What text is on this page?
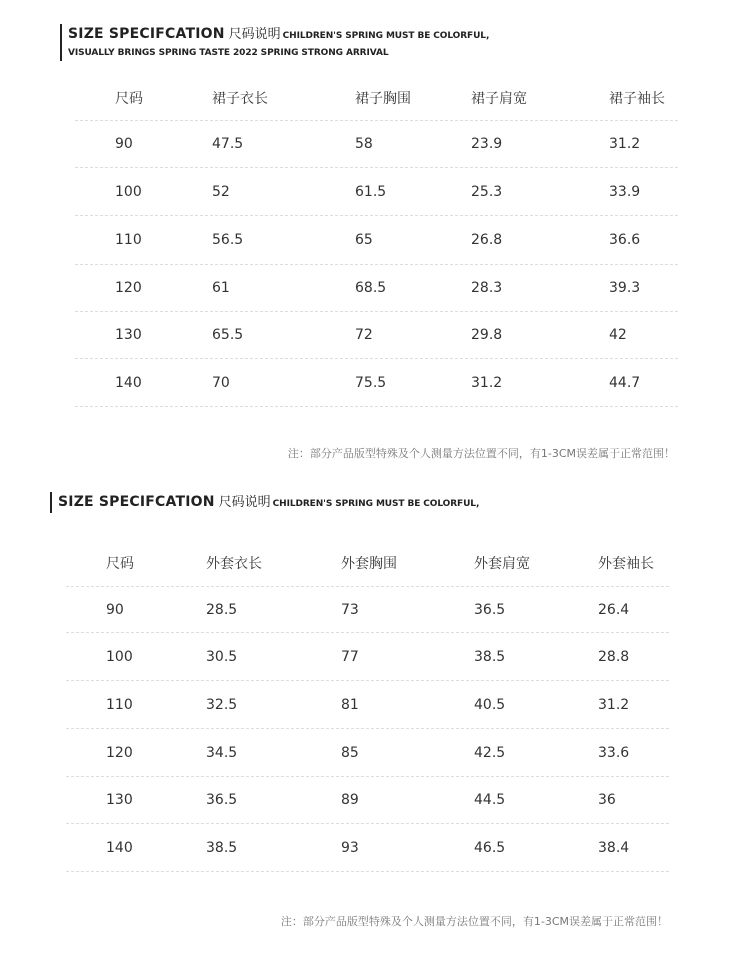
SIZE SPECIFCATION 尺码说明 CHILDREN'S SPRING MUST BE COLORFUL,
VISUALLY BRINGS SPRING TASTE 2022 SPRING STRONG ARRIVAL
尺码	裙子衣长	裙子胸围	裙子肩宽	裙子袖长
90	47.5	58	23.9	31.2
100	52	61.5	25.3	33.9
110	56.5	65	26.8	36.6
120	61	68.5	28.3	39.3
130	65.5	72	29.8	42
140	70	75.5	31.2	44.7
注：部分产品版型特殊及个人测量方法位置不同，有1-3CM误差属于正常范围！
SIZE SPECIFCATION 尺码说明 CHILDREN'S SPRING MUST BE COLORFUL,
尺码	外套衣长	外套胸围	外套肩宽	外套袖长
90	28.5	73	36.5	26.4
100	30.5	77	38.5	28.8
110	32.5	81	40.5	31.2
120	34.5	85	42.5	33.6
130	36.5	89	44.5	36
140	38.5	93	46.5	38.4
注：部分产品版型特殊及个人测量方法位置不同，有1-3CM误差属于正常范围！
